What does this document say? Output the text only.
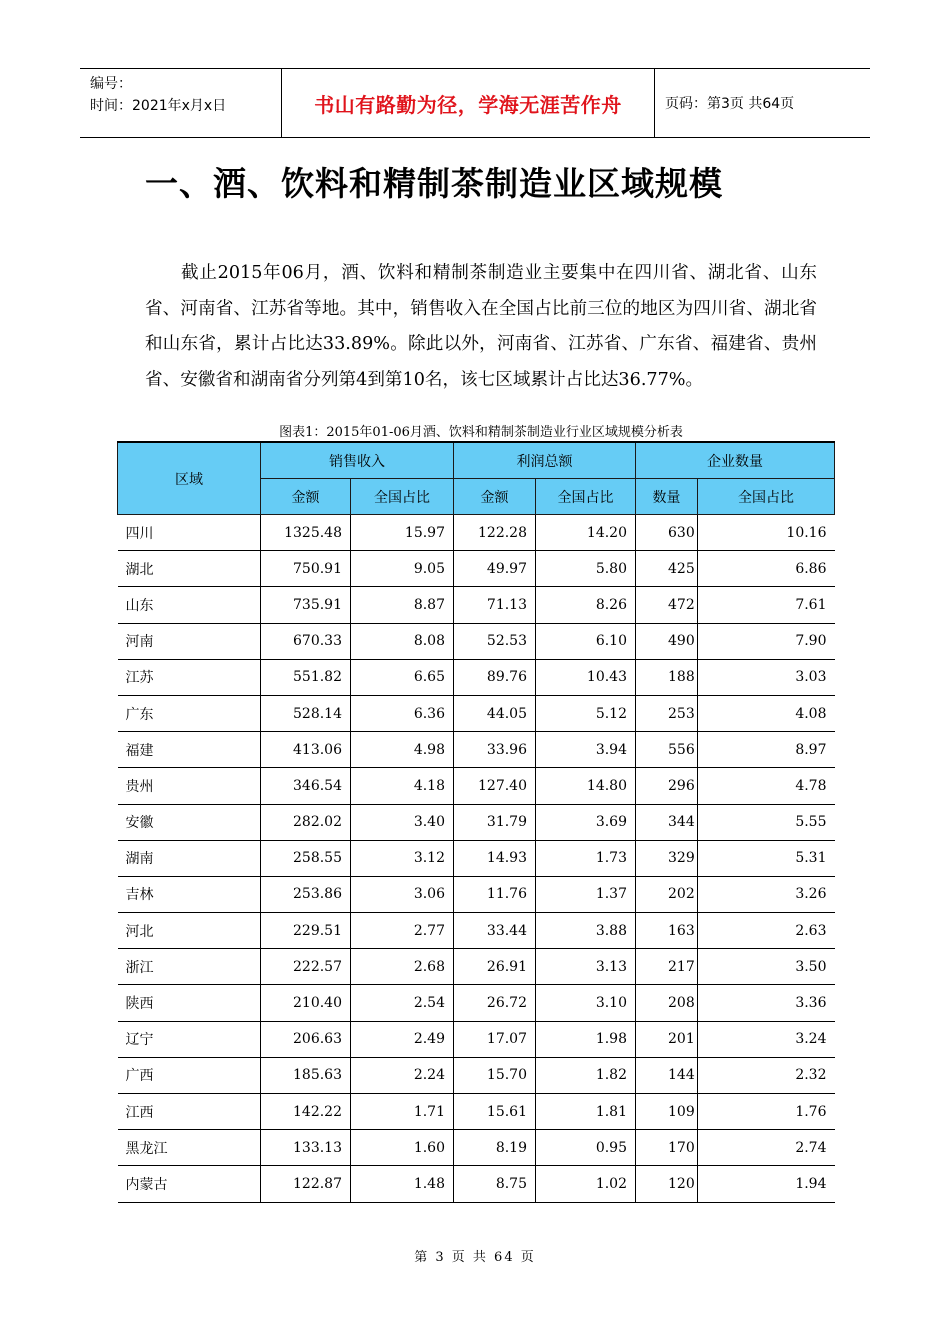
编号：
时间：2021年x月x日	书山有路勤为径，学海无涯苦作舟	页码：第3页 共64页
一、酒、饮料和精制茶制造业区域规模

截止2015年06月，酒、饮料和精制茶制造业主要集中在四川省、湖北省、山东省、河南省、江苏省等地。其中，销售收入在全国占比前三位的地区为四川省、湖北省和山东省，累计占比达33.89%。除此以外，河南省、江苏省、广东省、福建省、贵州省、安徽省和湖南省分列第4到第10名，该七区域累计占比达36.77%。

图表1：2015年01-06月酒、饮料和精制茶制造业行业区域规模分析表
区域	销售收入		利润总额		企业数量	
	金额	全国占比	金额	全国占比	数量	全国占比
四川	1325.48	15.97	122.28	14.20	630	10.16
湖北	750.91	9.05	49.97	5.80	425	6.86
山东	735.91	8.87	71.13	8.26	472	7.61
河南	670.33	8.08	52.53	6.10	490	7.90
江苏	551.82	6.65	89.76	10.43	188	3.03
广东	528.14	6.36	44.05	5.12	253	4.08
福建	413.06	4.98	33.96	3.94	556	8.97
贵州	346.54	4.18	127.40	14.80	296	4.78
安徽	282.02	3.40	31.79	3.69	344	5.55
湖南	258.55	3.12	14.93	1.73	329	5.31
吉林	253.86	3.06	11.76	1.37	202	3.26
河北	229.51	2.77	33.44	3.88	163	2.63
浙江	222.57	2.68	26.91	3.13	217	3.50
陕西	210.40	2.54	26.72	3.10	208	3.36
辽宁	206.63	2.49	17.07	1.98	201	3.24
广西	185.63	2.24	15.70	1.82	144	2.32
江西	142.22	1.71	15.61	1.81	109	1.76
黑龙江	133.13	1.60	8.19	0.95	170	2.74
内蒙古	122.87	1.48	8.75	1.02	120	1.94
第 3 页 共 64 页
